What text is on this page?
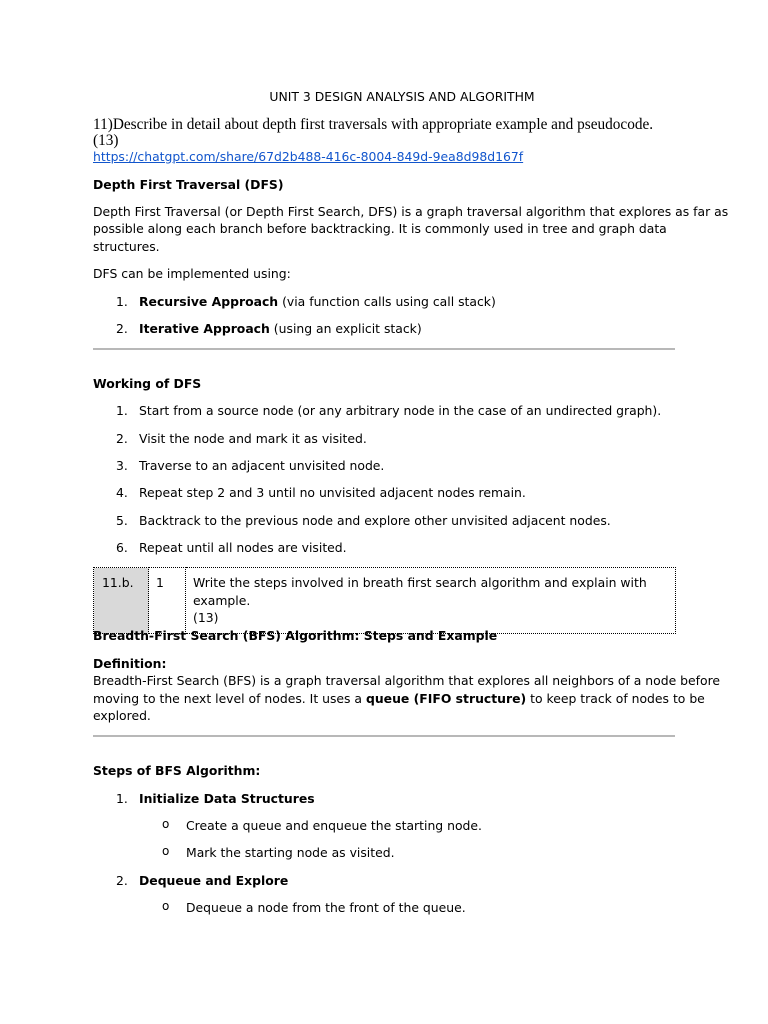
UNIT 3 DESIGN ANALYSIS AND ALGORITHM
11)Describe in detail about depth first traversals with appropriate example and pseudocode.
(13)
https://chatgpt.com/share/67d2b488-416c-8004-849d-9ea8d98d167f
Depth First Traversal (DFS)
Depth First Traversal (or Depth First Search, DFS) is a graph traversal algorithm that explores as far as
possible along each branch before backtracking. It is commonly used in tree and graph data
structures.
DFS can be implemented using:
1. Recursive Approach (via function calls using call stack)
2. Iterative Approach (using an explicit stack)
Working of DFS
1. Start from a source node (or any arbitrary node in the case of an undirected graph).
2. Visit the node and mark it as visited.
3. Traverse to an adjacent unvisited node.
4. Repeat step 2 and 3 until no unvisited adjacent nodes remain.
5. Backtrack to the previous node and explore other unvisited adjacent nodes.
6. Repeat until all nodes are visited.
11.b.	1	Write the steps involved in breath first search algorithm and explain with example.
(13)
Breadth-First Search (BFS) Algorithm: Steps and Example
Definition:
Breadth-First Search (BFS) is a graph traversal algorithm that explores all neighbors of a node before
moving to the next level of nodes. It uses a queue (FIFO structure) to keep track of nodes to be
explored.
Steps of BFS Algorithm:
1. Initialize Data Structures
o Create a queue and enqueue the starting node.
o Mark the starting node as visited.
2. Dequeue and Explore
o Dequeue a node from the front of the queue.
